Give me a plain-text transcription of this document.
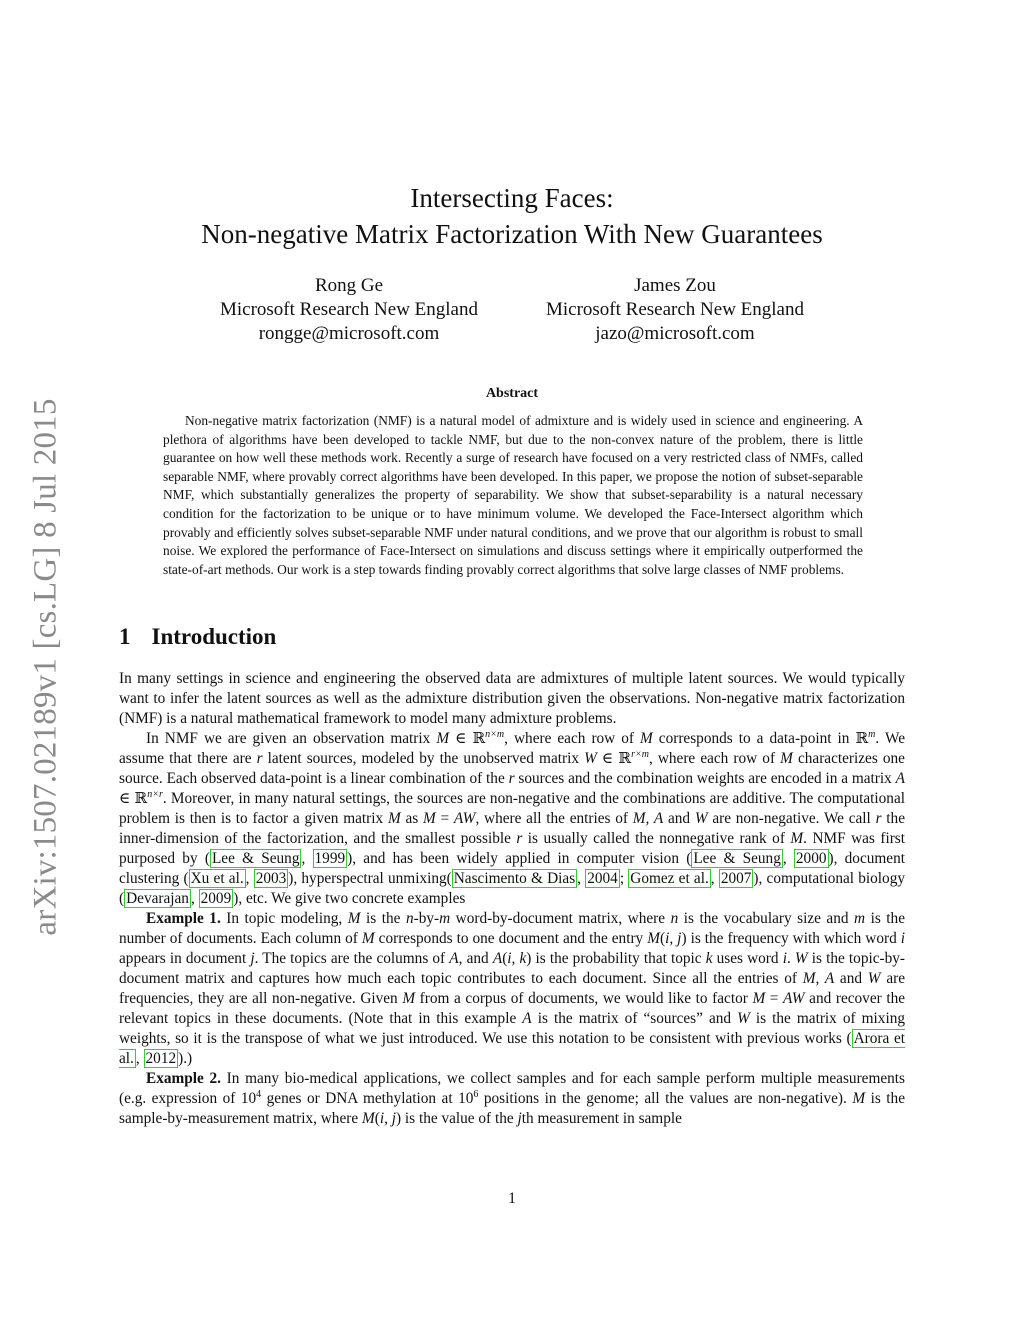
arXiv:1507.02189v1 [cs.LG] 8 Jul 2015
Intersecting Faces:
Non-negative Matrix Factorization With New Guarantees
Rong Ge
Microsoft Research New England
rongge@microsoft.com
James Zou
Microsoft Research New England
jazo@microsoft.com
Abstract

Non-negative matrix factorization (NMF) is a natural model of admixture and is widely used in science and engineering. A plethora of algorithms have been developed to tackle NMF, but due to the non-convex nature of the problem, there is little guarantee on how well these methods work. Recently a surge of research have focused on a very restricted class of NMFs, called separable NMF, where provably correct algorithms have been developed. In this paper, we propose the notion of subset-separable NMF, which substantially generalizes the property of separability. We show that subset-separability is a natural necessary condition for the factorization to be unique or to have minimum volume. We developed the Face-Intersect algorithm which provably and efficiently solves subset-separable NMF under natural conditions, and we prove that our algorithm is robust to small noise. We explored the performance of Face-Intersect on simulations and discuss settings where it empirically outperformed the state-of-art methods. Our work is a step towards finding provably correct algorithms that solve large classes of NMF problems.

1 Introduction

In many settings in science and engineering the observed data are admixtures of multiple latent sources. We would typically want to infer the latent sources as well as the admixture distribution given the observations. Non-negative matrix factorization (NMF) is a natural mathematical framework to model many admixture problems.

In NMF we are given an observation matrix M ∈ ℝ$^{n\times m}$, where each row of M corresponds to a data-point in ℝ$^m$. We assume that there are r latent sources, modeled by the unobserved matrix W ∈ ℝ$^{r\times m}$, where each row of M characterizes one source. Each observed data-point is a linear combination of the r sources and the combination weights are encoded in a matrix A ∈ ℝ$^{n\times r}$. Moreover, in many natural settings, the sources are non-negative and the combinations are additive. The computational problem is then is to factor a given matrix M as M = AW, where all the entries of M, A and W are non-negative. We call r the inner-dimension of the factorization, and the smallest possible r is usually called the nonnegative rank of M. NMF was first purposed by ( Lee & Seung , 1999 ), and has been widely applied in computer vision ( Lee & Seung , 2000 ), document clustering ( Xu et al. , 2003 ), hyperspectral unmixing( Nascimento & Dias , 2004 ; Gomez et al. , 2007 ), computational biology ( Devarajan , 2009 ), etc. We give two concrete examples

Example 1. In topic modeling, M is the n-by-m word-by-document matrix, where n is the vocabulary size and m is the number of documents. Each column of M corresponds to one document and the entry M(i, j) is the frequency with which word i appears in document j. The topics are the columns of A, and A(i, k) is the probability that topic k uses word i. W is the topic-by-document matrix and captures how much each topic contributes to each document. Since all the entries of M, A and W are frequencies, they are all non-negative. Given M from a corpus of documents, we would like to factor M = AW and recover the relevant topics in these documents. (Note that in this example A is the matrix of “sources” and W is the matrix of mixing weights, so it is the transpose of what we just introduced. We use this notation to be consistent with previous works ( Arora et al. , 2012 ).)

Example 2. In many bio-medical applications, we collect samples and for each sample perform multiple measurements (e.g. expression of $10^4$ genes or DNA methylation at $10^6$ positions in the genome; all the values are non-negative). M is the sample-by-measurement matrix, where M(i, j) is the value of the jth measurement in sample

1
